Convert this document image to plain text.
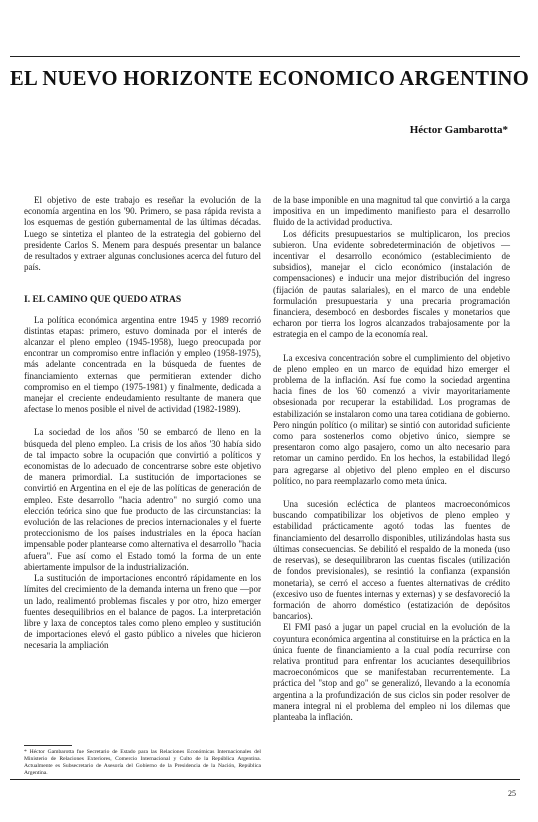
EL NUEVO HORIZONTE ECONOMICO ARGENTINO

Héctor Gambarotta*

El objetivo de este trabajo es reseñar la evolución de la economía argentina en los '90. Primero, se pasa rápida revista a los esquemas de gestión gubernamental de las últimas décadas. Luego se sintetiza el planteo de la estrategia del gobierno del presidente Carlos S. Menem para después presentar un balance de resultados y extraer algunas conclusiones acerca del futuro del país.

I. EL CAMINO QUE QUEDO ATRAS

La política económica argentina entre 1945 y 1989 recorrió distintas etapas: primero, estuvo dominada por el interés de alcanzar el pleno empleo (1945-1958), luego preocupada por encontrar un compromiso entre inflación y empleo (1958-1975), más adelante concentrada en la búsqueda de fuentes de financiamiento externas que permitieran extender dicho compromiso en el tiempo (1975-1981) y finalmente, dedicada a manejar el creciente endeudamiento resultante de manera que afectase lo menos posible el nivel de actividad (1982-1989).

La sociedad de los años '50 se embarcó de lleno en la búsqueda del pleno empleo. La crisis de los años '30 había sido de tal impacto sobre la ocupación que convirtió a políticos y economistas de lo adecuado de concentrarse sobre este objetivo de manera primordial. La sustitución de importaciones se convirtió en Argentina en el eje de las políticas de generación de empleo. Este desarrollo "hacia adentro" no surgió como una elección teórica sino que fue producto de las circunstancias: la evolución de las relaciones de precios internacionales y el fuerte proteccionismo de los países industriales en la época hacían impensable poder plantearse como alternativa el desarrollo "hacia afuera". Fue así como el Estado tomó la forma de un ente abiertamente impulsor de la industrialización.

La sustitución de importaciones encontró rápidamente en los límites del crecimiento de la demanda interna un freno que —por un lado, realimentó problemas fiscales y por otro, hizo emerger fuentes desequilibrios en el balance de pagos. La interpretación libre y laxa de conceptos tales como pleno empleo y sustitución de importaciones elevó el gasto público a niveles que hicieron necesaria la ampliación

de la base imponible en una magnitud tal que convirtió a la carga impositiva en un impedimento manifiesto para el desarrollo fluido de la actividad productiva.

Los déficits presupuestarios se multiplicaron, los precios subieron. Una evidente sobredeterminación de objetivos —incentivar el desarrollo económico (establecimiento de subsidios), manejar el ciclo económico (instalación de compensaciones) e inducir una mejor distribución del ingreso (fijación de pautas salariales), en el marco de una endeble formulación presupuestaria y una precaria programación financiera, desembocó en desbordes fiscales y monetarios que echaron por tierra los logros alcanzados trabajosamente por la estrategia en el campo de la economía real.

La excesiva concentración sobre el cumplimiento del objetivo de pleno empleo en un marco de equidad hizo emerger el problema de la inflación. Así fue como la sociedad argentina hacia fines de los '60 comenzó a vivir mayoritariamente obsesionada por recuperar la estabilidad. Los programas de estabilización se instalaron como una tarea cotidiana de gobierno. Pero ningún político (o militar) se sintió con autoridad suficiente como para sostenerlos como objetivo único, siempre se presentaron como algo pasajero, como un alto necesario para retomar un camino perdido. En los hechos, la estabilidad llegó para agregarse al objetivo del pleno empleo en el discurso político, no para reemplazarlo como meta única.

Una sucesión ecléctica de planteos macroeconómicos buscando compatibilizar los objetivos de pleno empleo y estabilidad prácticamente agotó todas las fuentes de financiamiento del desarrollo disponibles, utilizándolas hasta sus últimas consecuencias. Se debilitó el respaldo de la moneda (uso de reservas), se desequilibraron las cuentas fiscales (utilización de fondos previsionales), se resintió la confianza (expansión monetaria), se cerró el acceso a fuentes alternativas de crédito (excesivo uso de fuentes internas y externas) y se desfavoreció la formación de ahorro doméstico (estatización de depósitos bancarios).

El FMI pasó a jugar un papel crucial en la evolución de la coyuntura económica argentina al constituirse en la práctica en la única fuente de financiamiento a la cual podía recurrirse con relativa prontitud para enfrentar los acuciantes desequilibrios macroeconómicos que se manifestaban recurrentemente. La práctica del "stop and go" se generalizó, llevando a la economía argentina a la profundización de sus ciclos sin poder resolver de manera integral ni el problema del empleo ni los dilemas que planteaba la inflación.

* Héctor Gambarotta fue Secretario de Estado para las Relaciones Económicas Internacionales del Ministerio de Relaciones Exteriores, Comercio Internacional y Culto de la República Argentina. Actualmente es Subsecretario de Asesoría del Gobierno de la Presidencia de la Nación, República Argentina.

25
